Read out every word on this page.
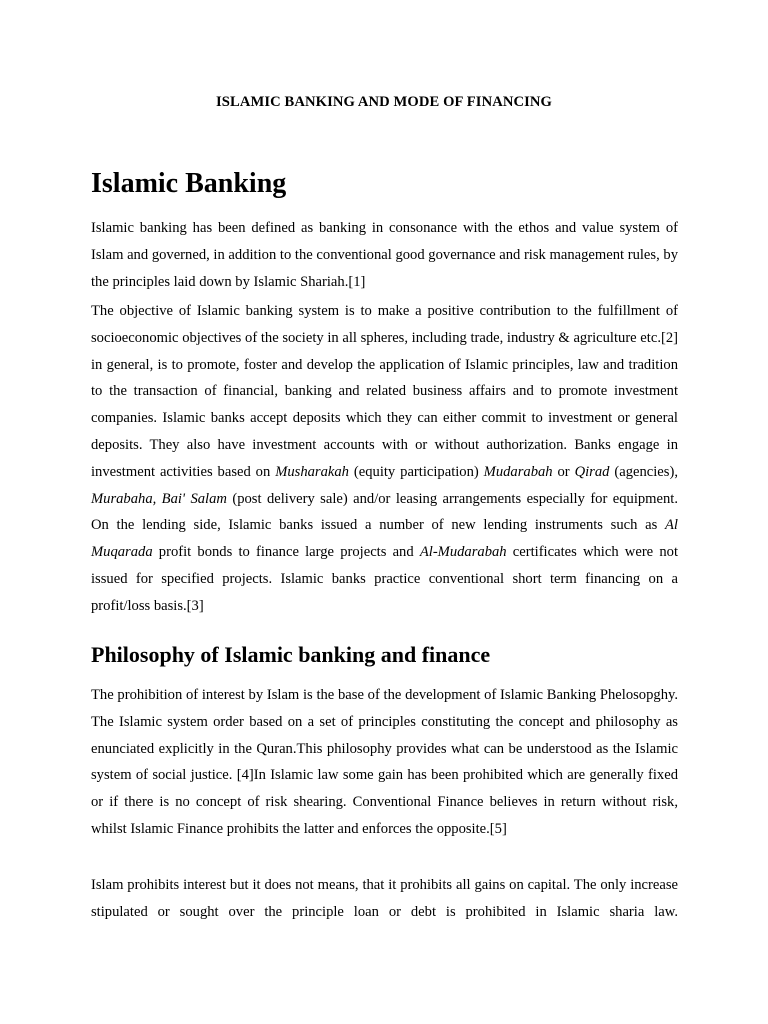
ISLAMIC BANKING AND MODE OF FINANCING
Islamic Banking

Islamic banking has been defined as banking in consonance with the ethos and value system of Islam and governed, in addition to the conventional good governance and risk management rules, by the principles laid down by Islamic Shariah.[1]

The objective of Islamic banking system is to make a positive contribution to the fulfillment of socioeconomic objectives of the society in all spheres, including trade, industry & agriculture etc.[2] in general, is to promote, foster and develop the application of Islamic principles, law and tradition to the transaction of financial, banking and related business affairs and to promote investment companies. Islamic banks accept deposits which they can either commit to investment or general deposits. They also have investment accounts with or without authorization. Banks engage in investment activities based on Musharakah (equity participation) Mudarabah or Qirad (agencies), Murabaha, Bai' Salam (post delivery sale) and/or leasing arrangements especially for equipment. On the lending side, Islamic banks issued a number of new lending instruments such as Al Muqarada profit bonds to finance large projects and Al-Mudarabah certificates which were not issued for specified projects. Islamic banks practice conventional short term financing on a profit/loss basis.[3]

Philosophy of Islamic banking and finance

The prohibition of interest by Islam is the base of the development of Islamic Banking Phelosopghy. The Islamic system order based on a set of principles constituting the concept and philosophy as enunciated explicitly in the Quran.This philosophy provides what can be understood as the Islamic system of social justice. [4]In Islamic law some gain has been prohibited which are generally fixed or if there is no concept of risk shearing. Conventional Finance believes in return without risk, whilst Islamic Finance prohibits the latter and enforces the opposite.[5]

Islam prohibits interest but it does not means, that it prohibits all gains on capital. The only increase stipulated or sought over the principle loan or debt is prohibited in Islamic sharia law.
